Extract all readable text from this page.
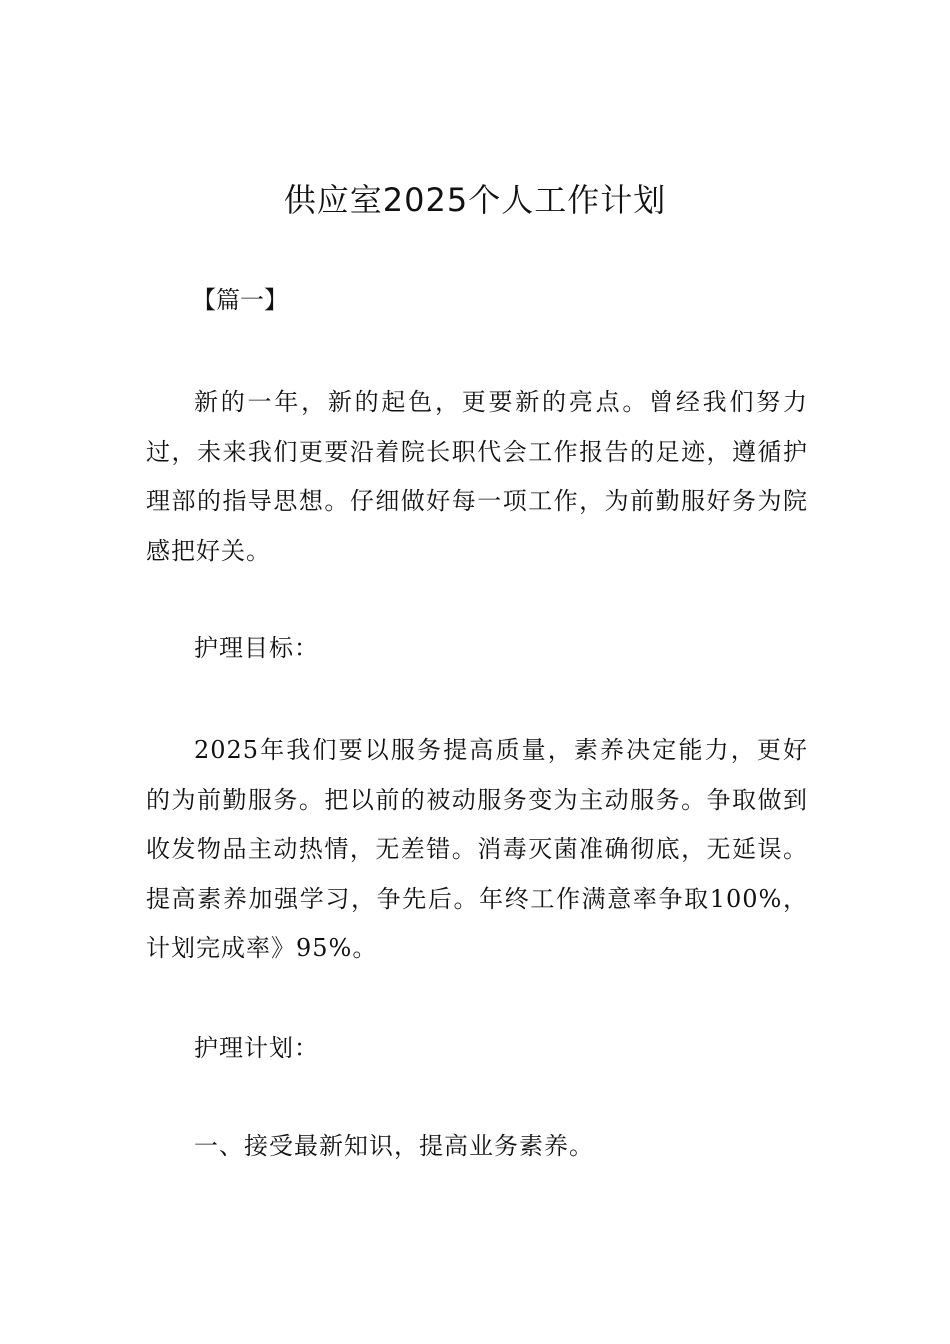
供应室2025个人工作计划
【篇一】
新的一年，新的起色，更要新的亮点。曾经我们努力过，未来我们更要沿着院长职代会工作报告的足迹，遵循护理部的指导思想。仔细做好每一项工作，为前勤服好务为院感把好关。
护理目标：
2025年我们要以服务提高质量，素养决定能力，更好的为前勤服务。把以前的被动服务变为主动服务。争取做到收发物品主动热情，无差错。消毒灭菌准确彻底，无延误。提高素养加强学习，争先后。年终工作满意率争取100%，计划完成率》95%。
护理计划：
一、接受最新知识，提高业务素养。
